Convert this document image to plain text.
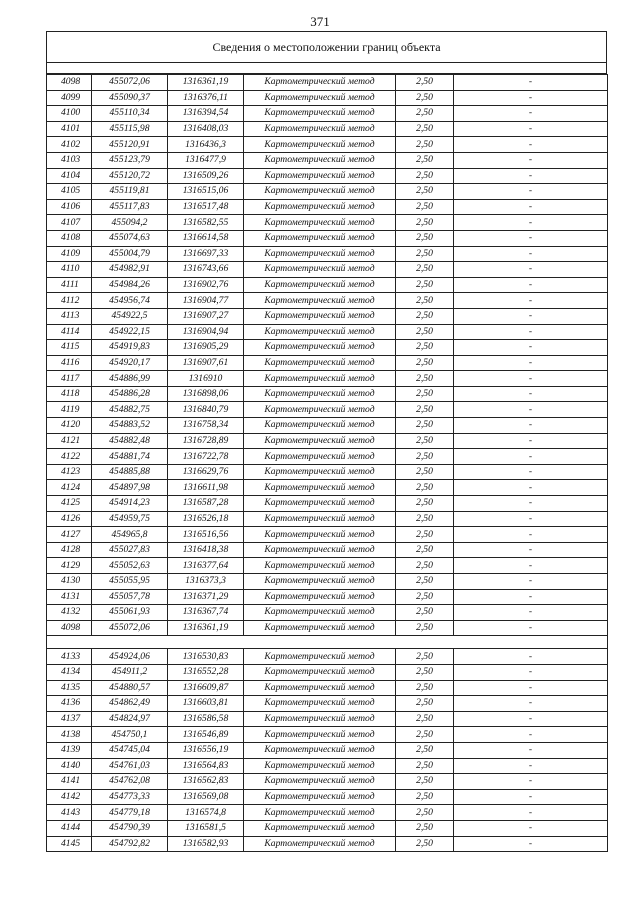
371
Сведения о местоположении границ объекта
4098	455072,06	1316361,19	Картометрический метод	2,50	-
4099	455090,37	1316376,11	Картометрический метод	2,50	-
4100	455110,34	1316394,54	Картометрический метод	2,50	-
4101	455115,98	1316408,03	Картометрический метод	2,50	-
4102	455120,91	1316436,3	Картометрический метод	2,50	-
4103	455123,79	1316477,9	Картометрический метод	2,50	-
4104	455120,72	1316509,26	Картометрический метод	2,50	-
4105	455119,81	1316515,06	Картометрический метод	2,50	-
4106	455117,83	1316517,48	Картометрический метод	2,50	-
4107	455094,2	1316582,55	Картометрический метод	2,50	-
4108	455074,63	1316614,58	Картометрический метод	2,50	-
4109	455004,79	1316697,33	Картометрический метод	2,50	-
4110	454982,91	1316743,66	Картометрический метод	2,50	-
4111	454984,26	1316902,76	Картометрический метод	2,50	-
4112	454956,74	1316904,77	Картометрический метод	2,50	-
4113	454922,5	1316907,27	Картометрический метод	2,50	-
4114	454922,15	1316904,94	Картометрический метод	2,50	-
4115	454919,83	1316905,29	Картометрический метод	2,50	-
4116	454920,17	1316907,61	Картометрический метод	2,50	-
4117	454886,99	1316910	Картометрический метод	2,50	-
4118	454886,28	1316898,06	Картометрический метод	2,50	-
4119	454882,75	1316840,79	Картометрический метод	2,50	-
4120	454883,52	1316758,34	Картометрический метод	2,50	-
4121	454882,48	1316728,89	Картометрический метод	2,50	-
4122	454881,74	1316722,78	Картометрический метод	2,50	-
4123	454885,88	1316629,76	Картометрический метод	2,50	-
4124	454897,98	1316611,98	Картометрический метод	2,50	-
4125	454914,23	1316587,28	Картометрический метод	2,50	-
4126	454959,75	1316526,18	Картометрический метод	2,50	-
4127	454965,8	1316516,56	Картометрический метод	2,50	-
4128	455027,83	1316418,38	Картометрический метод	2,50	-
4129	455052,63	1316377,64	Картометрический метод	2,50	-
4130	455055,95	1316373,3	Картометрический метод	2,50	-
4131	455057,78	1316371,29	Картометрический метод	2,50	-
4132	455061,93	1316367,74	Картометрический метод	2,50	-
4098	455072,06	1316361,19	Картометрический метод	2,50	-

4133	454924,06	1316530,83	Картометрический метод	2,50	-
4134	454911,2	1316552,28	Картометрический метод	2,50	-
4135	454880,57	1316609,87	Картометрический метод	2,50	-
4136	454862,49	1316603,81	Картометрический метод	2,50	-
4137	454824,97	1316586,58	Картометрический метод	2,50	-
4138	454750,1	1316546,89	Картометрический метод	2,50	-
4139	454745,04	1316556,19	Картометрический метод	2,50	-
4140	454761,03	1316564,83	Картометрический метод	2,50	-
4141	454762,08	1316562,83	Картометрический метод	2,50	-
4142	454773,33	1316569,08	Картометрический метод	2,50	-
4143	454779,18	1316574,8	Картометрический метод	2,50	-
4144	454790,39	1316581,5	Картометрический метод	2,50	-
4145	454792,82	1316582,93	Картометрический метод	2,50	-
